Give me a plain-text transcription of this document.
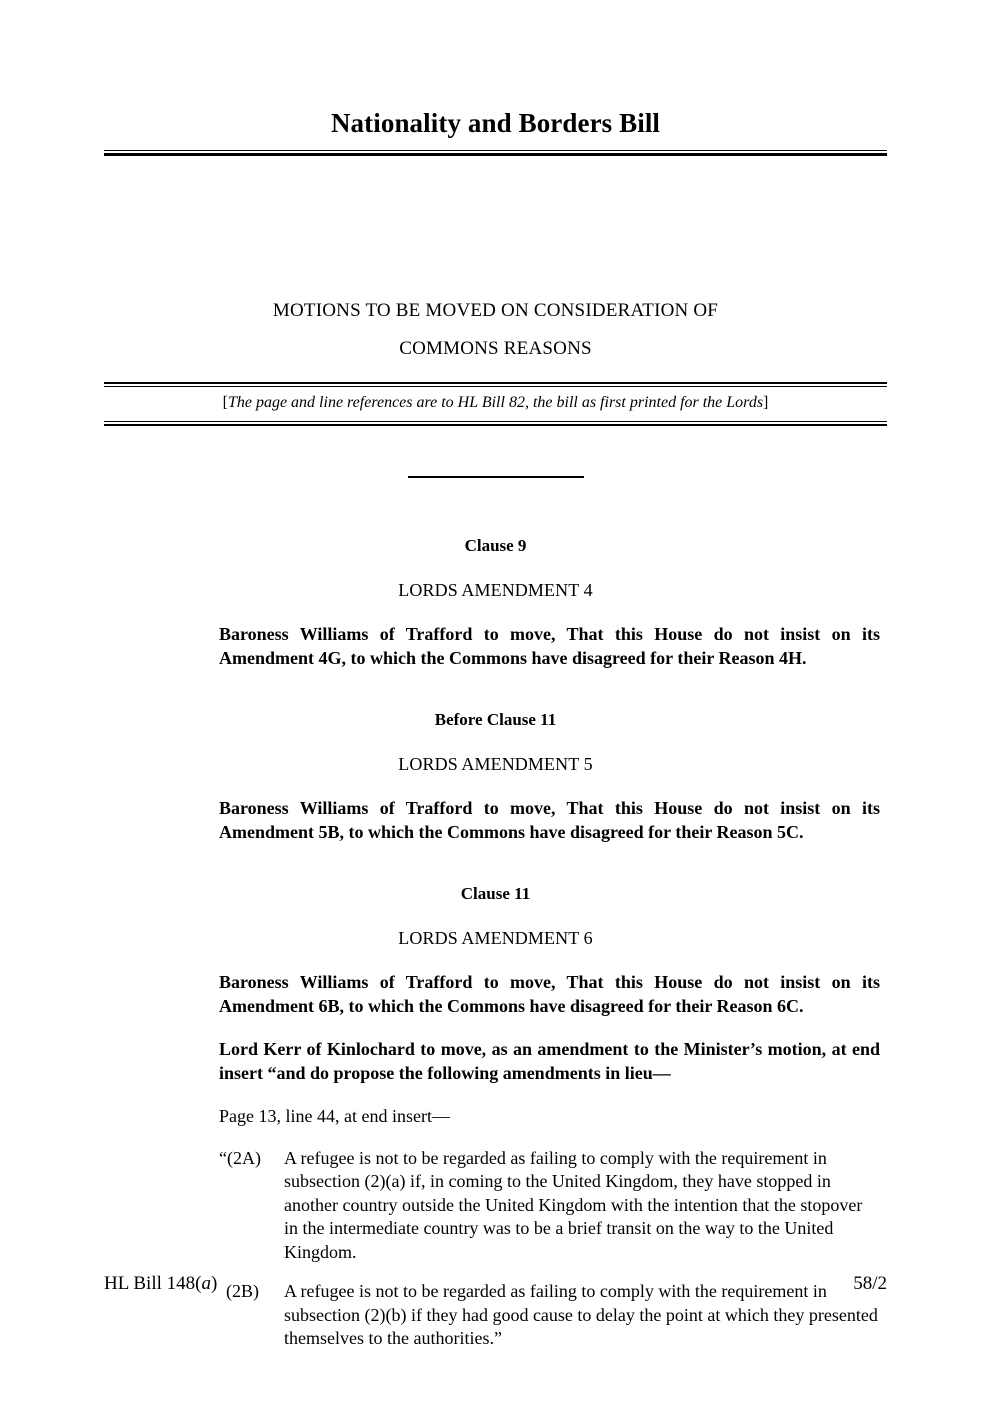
Nationality and Borders Bill
MOTIONS TO BE MOVED ON CONSIDERATION OF
COMMONS REASONS
[The page and line references are to HL Bill 82, the bill as first printed for the Lords]
Clause 9
LORDS AMENDMENT 4

Baroness Williams of Trafford to move, That this House do not insist on its Amendment 4G, to which the Commons have disagreed for their Reason 4H.

Before Clause 11
LORDS AMENDMENT 5

Baroness Williams of Trafford to move, That this House do not insist on its Amendment 5B, to which the Commons have disagreed for their Reason 5C.

Clause 11
LORDS AMENDMENT 6

Baroness Williams of Trafford to move, That this House do not insist on its Amendment 6B, to which the Commons have disagreed for their Reason 6C.

Lord Kerr of Kinlochard to move, as an amendment to the Minister’s motion, at end insert “and do propose the following amendments in lieu—

Page 13, line 44, at end insert—

“(2A)	A refugee is not to be regarded as failing to comply with the requirement in subsection (2)(a) if, in coming to the United Kingdom, they have stopped in another country outside the United Kingdom with the intention that the stopover in the intermediate country was to be a brief transit on the way to the United Kingdom.
(2B)	A refugee is not to be regarded as failing to comply with the requirement in subsection (2)(b) if they had good cause to delay the point at which they presented themselves to the authorities.”
HL Bill 148(a)	58/2
